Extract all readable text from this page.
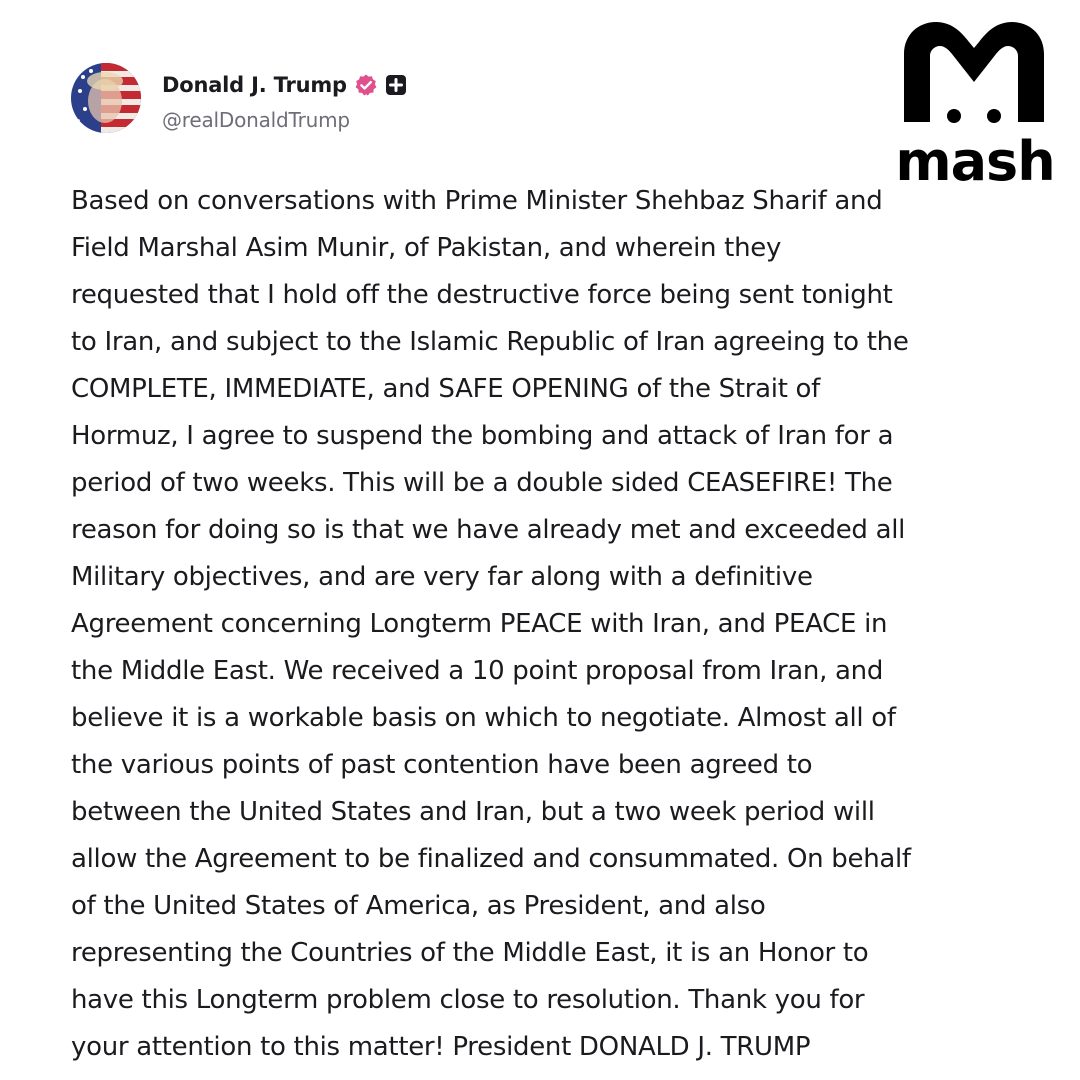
Donald J. Trump
@realDonaldTrump
Based on conversations with Prime Minister Shehbaz Sharif and
Field Marshal Asim Munir, of Pakistan, and wherein they
requested that I hold off the destructive force being sent tonight
to Iran, and subject to the Islamic Republic of Iran agreeing to the
COMPLETE, IMMEDIATE, and SAFE OPENING of the Strait of
Hormuz, I agree to suspend the bombing and attack of Iran for a
period of two weeks. This will be a double sided CEASEFIRE! The
reason for doing so is that we have already met and exceeded all
Military objectives, and are very far along with a definitive
Agreement concerning Longterm PEACE with Iran, and PEACE in
the Middle East. We received a 10 point proposal from Iran, and
believe it is a workable basis on which to negotiate. Almost all of
the various points of past contention have been agreed to
between the United States and Iran, but a two week period will
allow the Agreement to be finalized and consummated. On behalf
of the United States of America, as President, and also
representing the Countries of the Middle East, it is an Honor to
have this Longterm problem close to resolution. Thank you for
your attention to this matter! President DONALD J. TRUMP
mash
